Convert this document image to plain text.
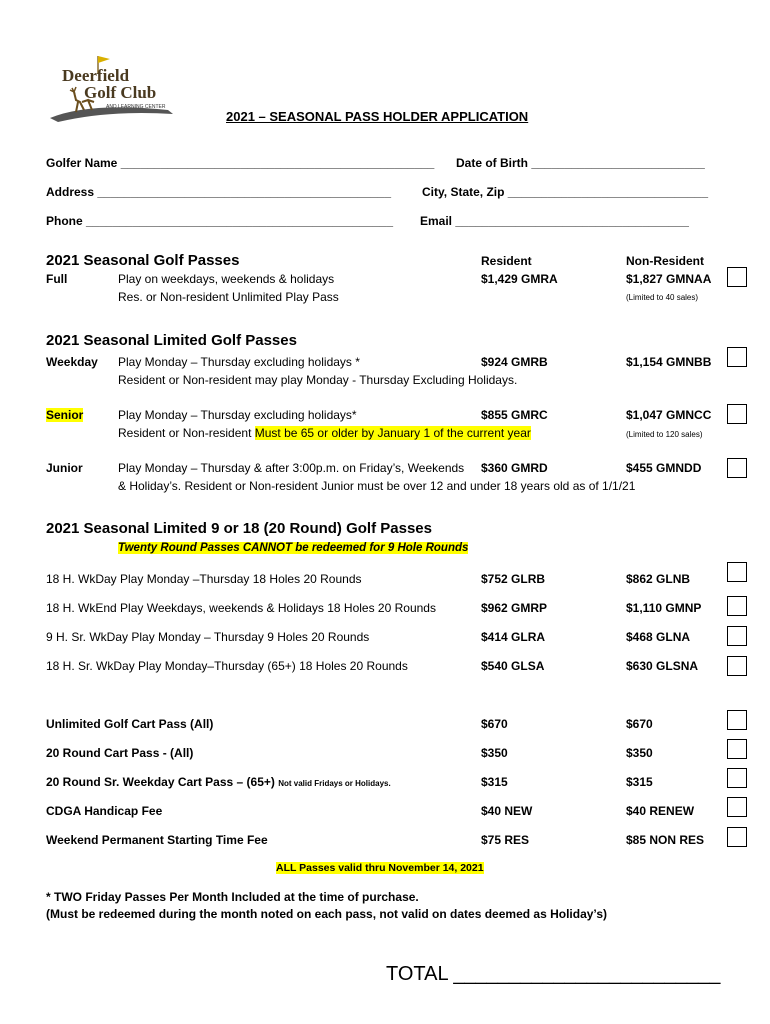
Deerfield
Golf Club
AND LEARNING CENTER
2021 – SEASONAL PASS HOLDER APPLICATION
Golfer Name _______________________________________________ Date of Birth __________________________
Address ____________________________________________	City, State, Zip ______________________________
Phone ______________________________________________ Email ___________________________________
2021 Seasonal Golf Passes	Resident	Non-Resident
Full	Play on weekdays, weekends & holidays
Res. or Non-resident Unlimited Play Pass
$1,429 GMRA	$1,827 GMNAA
(Limited to 40 sales)
2021 Seasonal Limited Golf Passes
Weekday Play Monday – Thursday excluding holidays *
Resident or Non-resident may play Monday - Thursday Excluding Holidays.
$924 GMRB	$1,154 GMNBB
Senior	Play Monday – Thursday excluding holidays*
Resident or Non-resident Must be 65 or older by January 1 of the current year
$855 GMRC	$1,047 GMNCC
(Limited to 120 sales)
Junior	Play Monday – Thursday & after 3:00p.m. on Friday’s, Weekends
& Holiday’s. Resident or Non-resident Junior must be over 12 and under 18 years old as of 1/1/21
$360 GMRD	$455 GMNDD
2021 Seasonal Limited 9 or 18 (20 Round) Golf Passes
Twenty Round Passes CANNOT be redeemed for 9 Hole Rounds
18 H. WkDay Play Monday –Thursday 18 Holes 20 Rounds	$752 GLRB	$862 GLNB
18 H. WkEnd Play Weekdays, weekends & Holidays 18 Holes 20 Rounds	$962 GMRP	$1,110 GMNP
9 H. Sr. WkDay Play Monday – Thursday 9 Holes 20 Rounds	$414 GLRA	$468 GLNA
18 H. Sr. WkDay Play Monday–Thursday (65+) 18 Holes 20 Rounds	$540 GLSA	$630 GLSNA
Unlimited Golf Cart Pass (All)	$670	$670
20 Round Cart Pass - (All)	$350	$350
20 Round Sr. Weekday Cart Pass – (65+) Not valid Fridays or Holidays.	$315	$315
CDGA Handicap Fee	$40 NEW	$40 RENEW
Weekend Permanent Starting Time Fee	$75 RES	$85 NON RES
ALL Passes valid thru November 14, 2021
* TWO Friday Passes Per Month Included at the time of purchase.
(Must be redeemed during the month noted on each pass, not valid on dates deemed as Holiday’s)
TOTAL ________________________
